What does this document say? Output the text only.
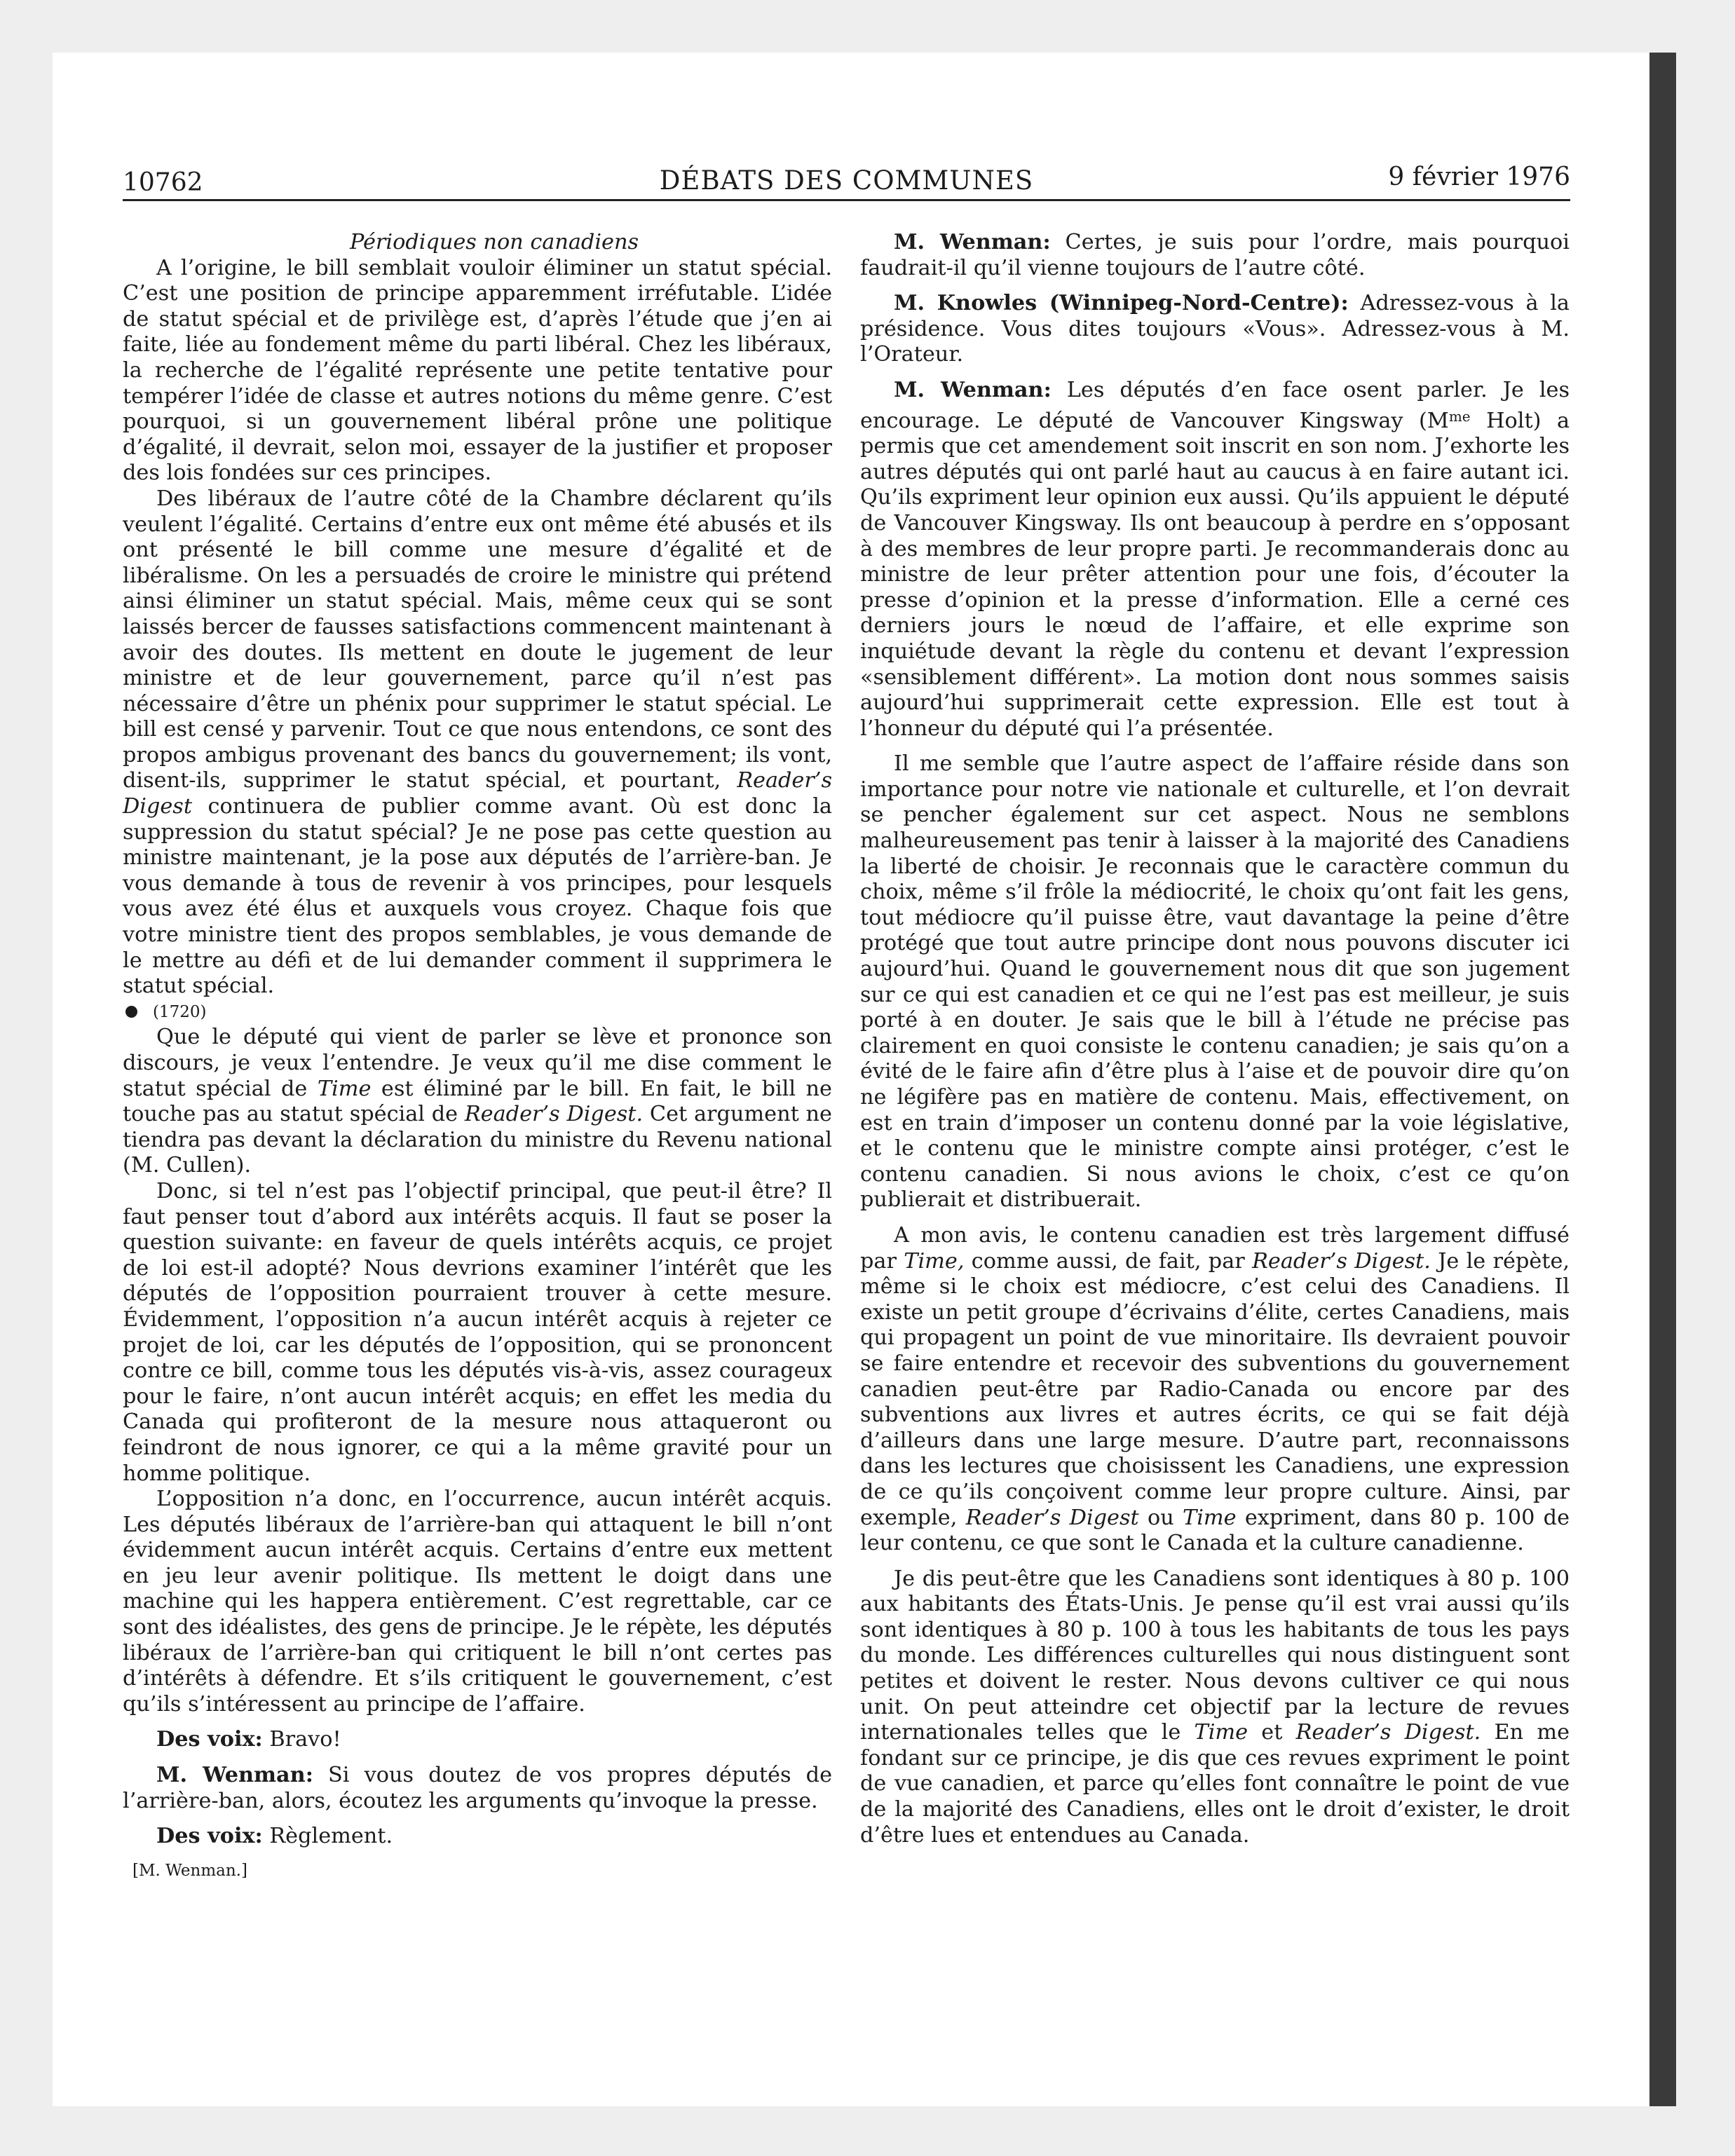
10762	DÉBATS DES COMMUNES	9 février 1976

Périodiques non canadiens

A l’origine, le bill semblait vouloir éliminer un statut spécial. C’est une position de principe apparemment irréfutable. L’idée de statut spécial et de privilège est, d’après l’étude que j’en ai faite, liée au fondement même du parti libéral. Chez les libéraux, la recherche de l’égalité représente une petite tentative pour tempérer l’idée de classe et autres notions du même genre. C’est pourquoi, si un gouvernement libéral prône une politique d’égalité, il devrait, selon moi, essayer de la justifier et proposer des lois fondées sur ces principes.

Des libéraux de l’autre côté de la Chambre déclarent qu’ils veulent l’égalité. Certains d’entre eux ont même été abusés et ils ont présenté le bill comme une mesure d’égalité et de libéralisme. On les a persuadés de croire le ministre qui prétend ainsi éliminer un statut spécial. Mais, même ceux qui se sont laissés bercer de fausses satisfactions commencent maintenant à avoir des doutes. Ils mettent en doute le jugement de leur ministre et de leur gouvernement, parce qu’il n’est pas nécessaire d’être un phénix pour supprimer le statut spécial. Le bill est censé y parvenir. Tout ce que nous entendons, ce sont des propos ambigus provenant des bancs du gouvernement; ils vont, disent-ils, supprimer le statut spécial, et pourtant, Reader’s Digest continuera de publier comme avant. Où est donc la suppression du statut spécial? Je ne pose pas cette question au ministre maintenant, je la pose aux députés de l’arrière-ban. Je vous demande à tous de revenir à vos principes, pour lesquels vous avez été élus et auxquels vous croyez. Chaque fois que votre ministre tient des propos semblables, je vous demande de le mettre au défi et de lui demander comment il supprimera le statut spécial.

(1720)

Que le député qui vient de parler se lève et prononce son discours, je veux l’entendre. Je veux qu’il me dise comment le statut spécial de Time est éliminé par le bill. En fait, le bill ne touche pas au statut spécial de Reader’s Digest. Cet argument ne tiendra pas devant la déclaration du ministre du Revenu national (M. Cullen).

Donc, si tel n’est pas l’objectif principal, que peut-il être? Il faut penser tout d’abord aux intérêts acquis. Il faut se poser la question suivante: en faveur de quels intérêts acquis, ce projet de loi est-il adopté? Nous devrions examiner l’intérêt que les députés de l’opposition pourraient trouver à cette mesure. Évidemment, l’opposition n’a aucun intérêt acquis à rejeter ce projet de loi, car les députés de l’opposition, qui se prononcent contre ce bill, comme tous les députés vis-à-vis, assez courageux pour le faire, n’ont aucun intérêt acquis; en effet les media du Canada qui profiteront de la mesure nous attaqueront ou feindront de nous ignorer, ce qui a la même gravité pour un homme politique.

L’opposition n’a donc, en l’occurrence, aucun intérêt acquis. Les députés libéraux de l’arrière-ban qui attaquent le bill n’ont évidemment aucun intérêt acquis. Certains d’entre eux mettent en jeu leur avenir politique. Ils mettent le doigt dans une machine qui les happera entièrement. C’est regrettable, car ce sont des idéalistes, des gens de principe. Je le répète, les députés libéraux de l’arrière-ban qui critiquent le bill n’ont certes pas d’intérêts à défendre. Et s’ils critiquent le gouvernement, c’est qu’ils s’intéressent au principe de l’affaire.

Des voix: Bravo!

M. Wenman: Si vous doutez de vos propres députés de l’arrière-ban, alors, écoutez les arguments qu’invoque la presse.

Des voix: Règlement.

[M. Wenman.]

M. Wenman: Certes, je suis pour l’ordre, mais pourquoi faudrait-il qu’il vienne toujours de l’autre côté.

M. Knowles (Winnipeg-Nord-Centre): Adressez-vous à la présidence. Vous dites toujours «Vous». Adressez-vous à M. l’Orateur.

M. Wenman: Les députés d’en face osent parler. Je les encourage. Le député de Vancouver Kingsway ($M^{me}$ Holt) a permis que cet amendement soit inscrit en son nom. J’exhorte les autres députés qui ont parlé haut au caucus à en faire autant ici. Qu’ils expriment leur opinion eux aussi. Qu’ils appuient le député de Vancouver Kingsway. Ils ont beaucoup à perdre en s’opposant à des membres de leur propre parti. Je recommanderais donc au ministre de leur prêter attention pour une fois, d’écouter la presse d’opinion et la presse d’information. Elle a cerné ces derniers jours le nœud de l’affaire, et elle exprime son inquiétude devant la règle du contenu et devant l’expression «sensiblement différent». La motion dont nous sommes saisis aujourd’hui supprimerait cette expression. Elle est tout à l’honneur du député qui l’a présentée.

Il me semble que l’autre aspect de l’affaire réside dans son importance pour notre vie nationale et culturelle, et l’on devrait se pencher également sur cet aspect. Nous ne semblons malheureusement pas tenir à laisser à la majorité des Canadiens la liberté de choisir. Je reconnais que le caractère commun du choix, même s’il frôle la médiocrité, le choix qu’ont fait les gens, tout médiocre qu’il puisse être, vaut davantage la peine d’être protégé que tout autre principe dont nous pouvons discuter ici aujourd’hui. Quand le gouvernement nous dit que son jugement sur ce qui est canadien et ce qui ne l’est pas est meilleur, je suis porté à en douter. Je sais que le bill à l’étude ne précise pas clairement en quoi consiste le contenu canadien; je sais qu’on a évité de le faire afin d’être plus à l’aise et de pouvoir dire qu’on ne légifère pas en matière de contenu. Mais, effectivement, on est en train d’imposer un contenu donné par la voie législative, et le contenu que le ministre compte ainsi protéger, c’est le contenu canadien. Si nous avions le choix, c’est ce qu’on publierait et distribuerait.

A mon avis, le contenu canadien est très largement diffusé par Time, comme aussi, de fait, par Reader’s Digest. Je le répète, même si le choix est médiocre, c’est celui des Canadiens. Il existe un petit groupe d’écrivains d’élite, certes Canadiens, mais qui propagent un point de vue minoritaire. Ils devraient pouvoir se faire entendre et recevoir des subventions du gouvernement canadien peut-être par Radio-Canada ou encore par des subventions aux livres et autres écrits, ce qui se fait déjà d’ailleurs dans une large mesure. D’autre part, reconnaissons dans les lectures que choisissent les Canadiens, une expression de ce qu’ils conçoivent comme leur propre culture. Ainsi, par exemple, Reader’s Digest ou Time expriment, dans 80 p. 100 de leur contenu, ce que sont le Canada et la culture canadienne.

Je dis peut-être que les Canadiens sont identiques à 80 p. 100 aux habitants des États-Unis. Je pense qu’il est vrai aussi qu’ils sont identiques à 80 p. 100 à tous les habitants de tous les pays du monde. Les différences culturelles qui nous distinguent sont petites et doivent le rester. Nous devons cultiver ce qui nous unit. On peut atteindre cet objectif par la lecture de revues internationales telles que le Time et Reader’s Digest. En me fondant sur ce principe, je dis que ces revues expriment le point de vue canadien, et parce qu’elles font connaître le point de vue de la majorité des Canadiens, elles ont le droit d’exister, le droit d’être lues et entendues au Canada.
